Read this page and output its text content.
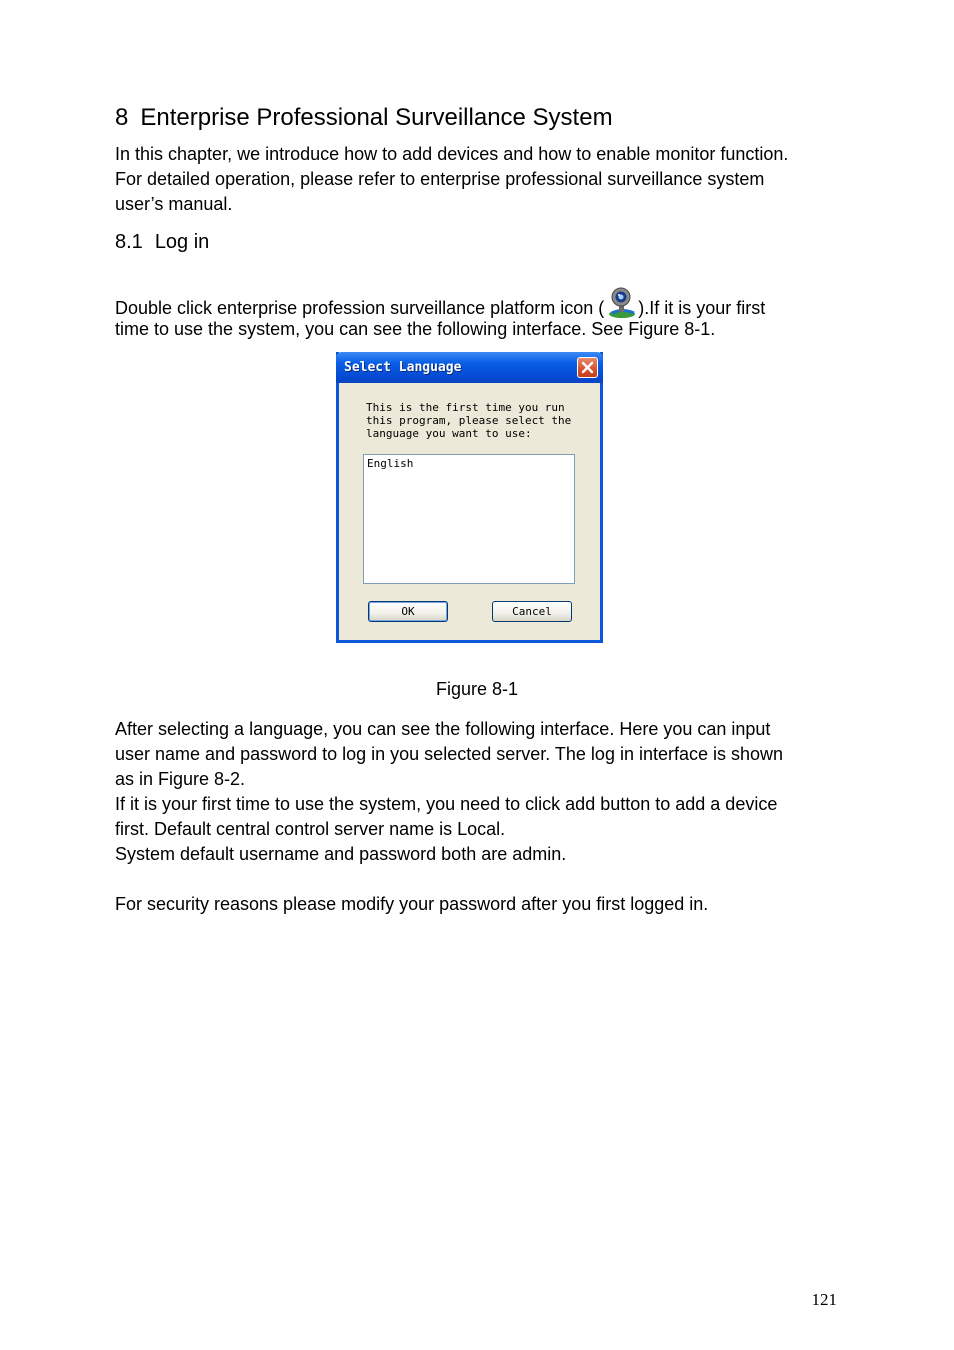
8 Enterprise Professional Surveillance System
In this chapter, we introduce how to add devices and how to enable monitor function.
For detailed operation, please refer to enterprise professional surveillance system
user’s manual.
8.1 Log in
Double click enterprise profession surveillance platform icon ( ).If it is your first
time to use the system, you can see the following interface. See Figure 8-1.
Select Language
This is the first time you run
this program, please select the
language you want to use:
English
OK	Cancel
Figure 8-1
After selecting a language, you can see the following interface. Here you can input
user name and password to log in you selected server. The log in interface is shown
as in Figure 8-2.
If it is your first time to use the system, you need to click add button to add a device
first. Default central control server name is Local.
System default username and password both are admin.
For security reasons please modify your password after you first logged in.
121
